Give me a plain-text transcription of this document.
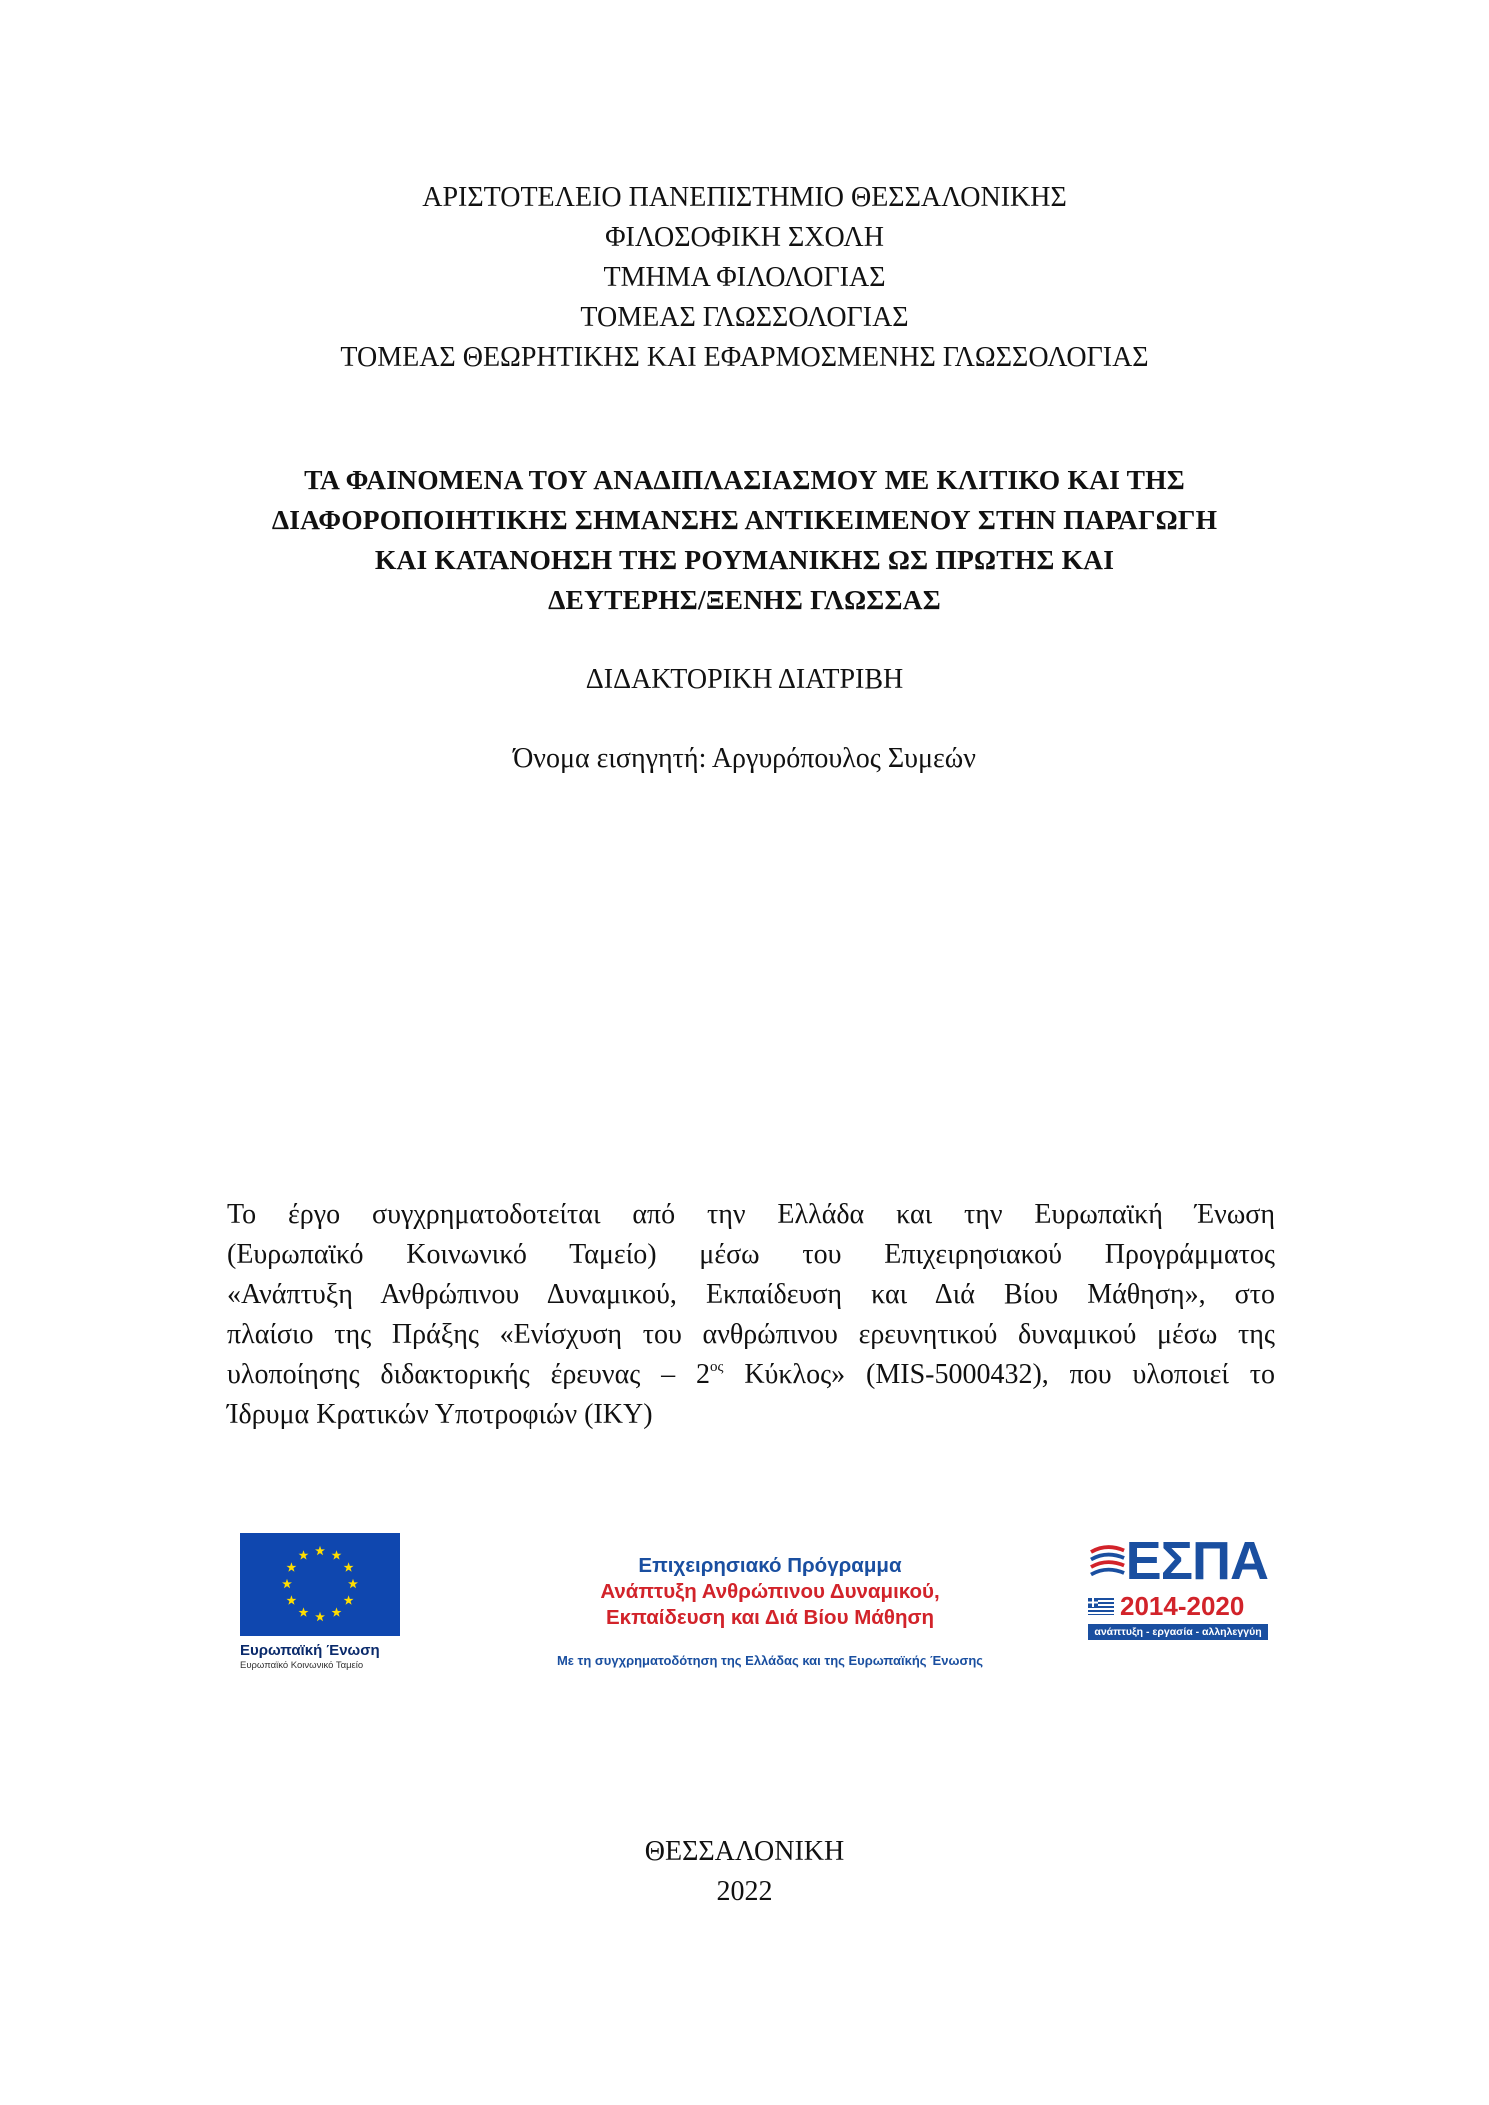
ΑΡΙΣΤΟΤΕΛΕΙΟ ΠΑΝΕΠΙΣΤΗΜΙΟ ΘΕΣΣΑΛΟΝΙΚΗΣ
ΦΙΛΟΣΟΦΙΚΗ ΣΧΟΛΗ
ΤΜΗΜΑ ΦΙΛΟΛΟΓΙΑΣ
ΤΟΜΕΑΣ ΓΛΩΣΣΟΛΟΓΙΑΣ
ΤΟΜΕΑΣ ΘΕΩΡΗΤΙΚΗΣ ΚΑΙ ΕΦΑΡΜΟΣΜΕΝΗΣ ΓΛΩΣΣΟΛΟΓΙΑΣ
ΤΑ ΦΑΙΝΟΜΕΝΑ ΤΟΥ ΑΝΑΔΙΠΛΑΣΙΑΣΜΟΥ ΜΕ ΚΛΙΤΙΚΟ ΚΑΙ ΤΗΣ
ΔΙΑΦΟΡΟΠΟΙΗΤΙΚΗΣ ΣΗΜΑΝΣΗΣ ΑΝΤΙΚΕΙΜΕΝΟΥ ΣΤΗΝ ΠΑΡΑΓΩΓΗ
ΚΑΙ ΚΑΤΑΝΟΗΣΗ ΤΗΣ ΡΟΥΜΑΝΙΚΗΣ ΩΣ ΠΡΩΤΗΣ ΚΑΙ
ΔΕΥΤΕΡΗΣ/ΞΕΝΗΣ ΓΛΩΣΣΑΣ
ΔΙΔΑΚΤΟΡΙΚΗ ΔΙΑΤΡΙΒΗ
Όνομα εισηγητή: Αργυρόπουλος Συμεών
Το έργο συγχρηματοδοτείται από την Ελλάδα και την Ευρωπαϊκή Ένωση
(Ευρωπαϊκό Κοινωνικό Ταμείο) μέσω του Επιχειρησιακού Προγράμματος
«Ανάπτυξη Ανθρώπινου Δυναμικού, Εκπαίδευση και Διά Βίου Μάθηση», στο
πλαίσιο της Πράξης «Ενίσχυση του ανθρώπινου ερευνητικού δυναμικού μέσω της
υλοποίησης διδακτορικής έρευνας – $2^{o\varsigma}$ Κύκλος» (MIS-5000432), που υλοποιεί το
Ίδρυμα Κρατικών Υποτροφιών (ΙΚΥ)
Ευρωπαϊκή Ένωση
Ευρωπαϊκό Κοινωνικό Ταμείο
Επιχειρησιακό Πρόγραμμα
Ανάπτυξη Ανθρώπινου Δυναμικού,
Εκπαίδευση και Διά Βίου Μάθηση
Με τη συγχρηματοδότηση της Ελλάδας και της Ευρωπαϊκής Ένωσης
ΕΣΠΑ
2014-2020
ανάπτυξη - εργασία - αλληλεγγύη
ΘΕΣΣΑΛΟΝΙΚΗ
2022
